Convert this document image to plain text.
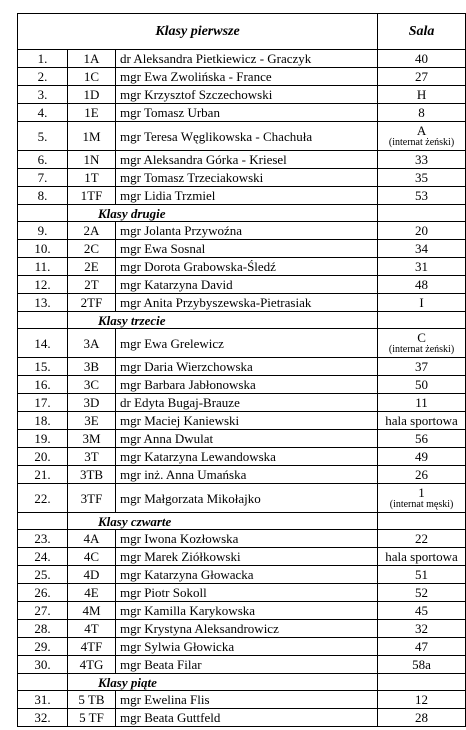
Klasy pierwsze			Sala
1.	1A	dr Aleksandra Pietkiewicz - Graczyk	40

2.	1C	mgr Ewa Zwolińska - France	27

3.	1D	mgr Krzysztof Szczechowski	H

4.	1E	mgr Tomasz Urban	8

5.	1M	mgr Teresa Węglikowska - Chachuła	A
(internat żeński)

6.	1N	mgr Aleksandra Górka - Kriesel	33

7.	1T	mgr Tomasz Trzeciakowski	35

8.	1TF	mgr Lidia Trzmiel	53

	Klasy drugie		
9.	2A	mgr Jolanta Przywoźna	20

10.	2C	mgr Ewa Sosnal	34

11.	2E	mgr Dorota Grabowska-Śledź	31

12.	2T	mgr Katarzyna David	48

13.	2TF	mgr Anita Przybyszewska-Pietrasiak	I

	Klasy trzecie		
14.	3A	mgr Ewa Grelewicz	C
(internat żeński)

15.	3B	mgr Daria Wierzchowska	37

16.	3C	mgr Barbara Jabłonowska	50

17.	3D	dr Edyta Bugaj-Brauze	11

18.	3E	mgr Maciej Kaniewski	hala sportowa

19.	3M	mgr Anna Dwulat	56

20.	3T	mgr Katarzyna Lewandowska	49

21.	3TB	mgr inż. Anna Umańska	26

22.	3TF	mgr Małgorzata Mikołajko	1
(internat męski)

	Klasy czwarte		
23.	4A	mgr Iwona Kozłowska	22

24.	4C	mgr Marek Ziółkowski	hala sportowa

25.	4D	mgr Katarzyna Głowacka	51

26.	4E	mgr Piotr Sokoll	52

27.	4M	mgr Kamilla Karykowska	45

28.	4T	mgr Krystyna Aleksandrowicz	32

29.	4TF	mgr Sylwia Głowicka	47

30.	4TG	mgr Beata Filar	58a

	Klasy piąte		
31.	5 TB	mgr Ewelina Flis	12

32.	5 TF	mgr Beata Guttfeld	28
